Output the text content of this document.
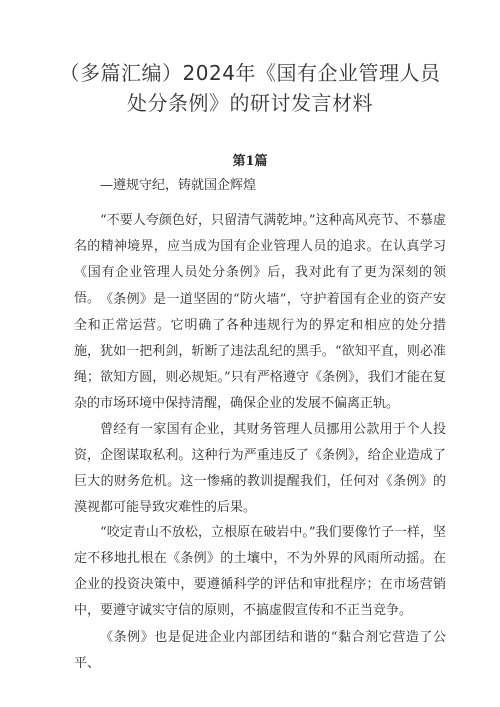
（多篇汇编）2024年《国有企业管理人员
处分条例》的研讨发言材料
第1篇
—遵规守纪，铸就国企辉煌
“不要人夸颜色好，只留清气满乾坤。”这种高风亮节、不慕虚名的精神境界，应当成为国有企业管理人员的追求。在认真学习《国有企业管理人员处分条例》后，我对此有了更为深刻的领悟。 《条例》是一道坚固的“防火墙”，守护着国有企业的资产安全和正常运营。它明确了各种违规行为的界定和相应的处分措施，犹如一把利剑，斩断了违法乱纪的黑手。“欲知平直，则必准绳；欲知方圆，则必规矩。”只有严格遵守《条例》，我们才能在复杂的市场环境中保持清醒，确保企业的发展不偏离正轨。
曾经有一家国有企业，其财务管理人员挪用公款用于个人投资，企图谋取私利。这种行为严重违反了《条例》，给企业造成了巨大的财务危机。这一惨痛的教训提醒我们，任何对《条例》的漠视都可能导致灾难性的后果。
“咬定青山不放松，立根原在破岩中。”我们要像竹子一样，坚定不移地扎根在《条例》的土壤中，不为外界的风雨所动摇。在企业的投资决策中，要遵循科学的评估和审批程序；在市场营销中，要遵守诚实守信的原则，不搞虚假宣传和不正当竞争。
《条例》也是促进企业内部团结和谐的“黏合剂它营造了公平、
